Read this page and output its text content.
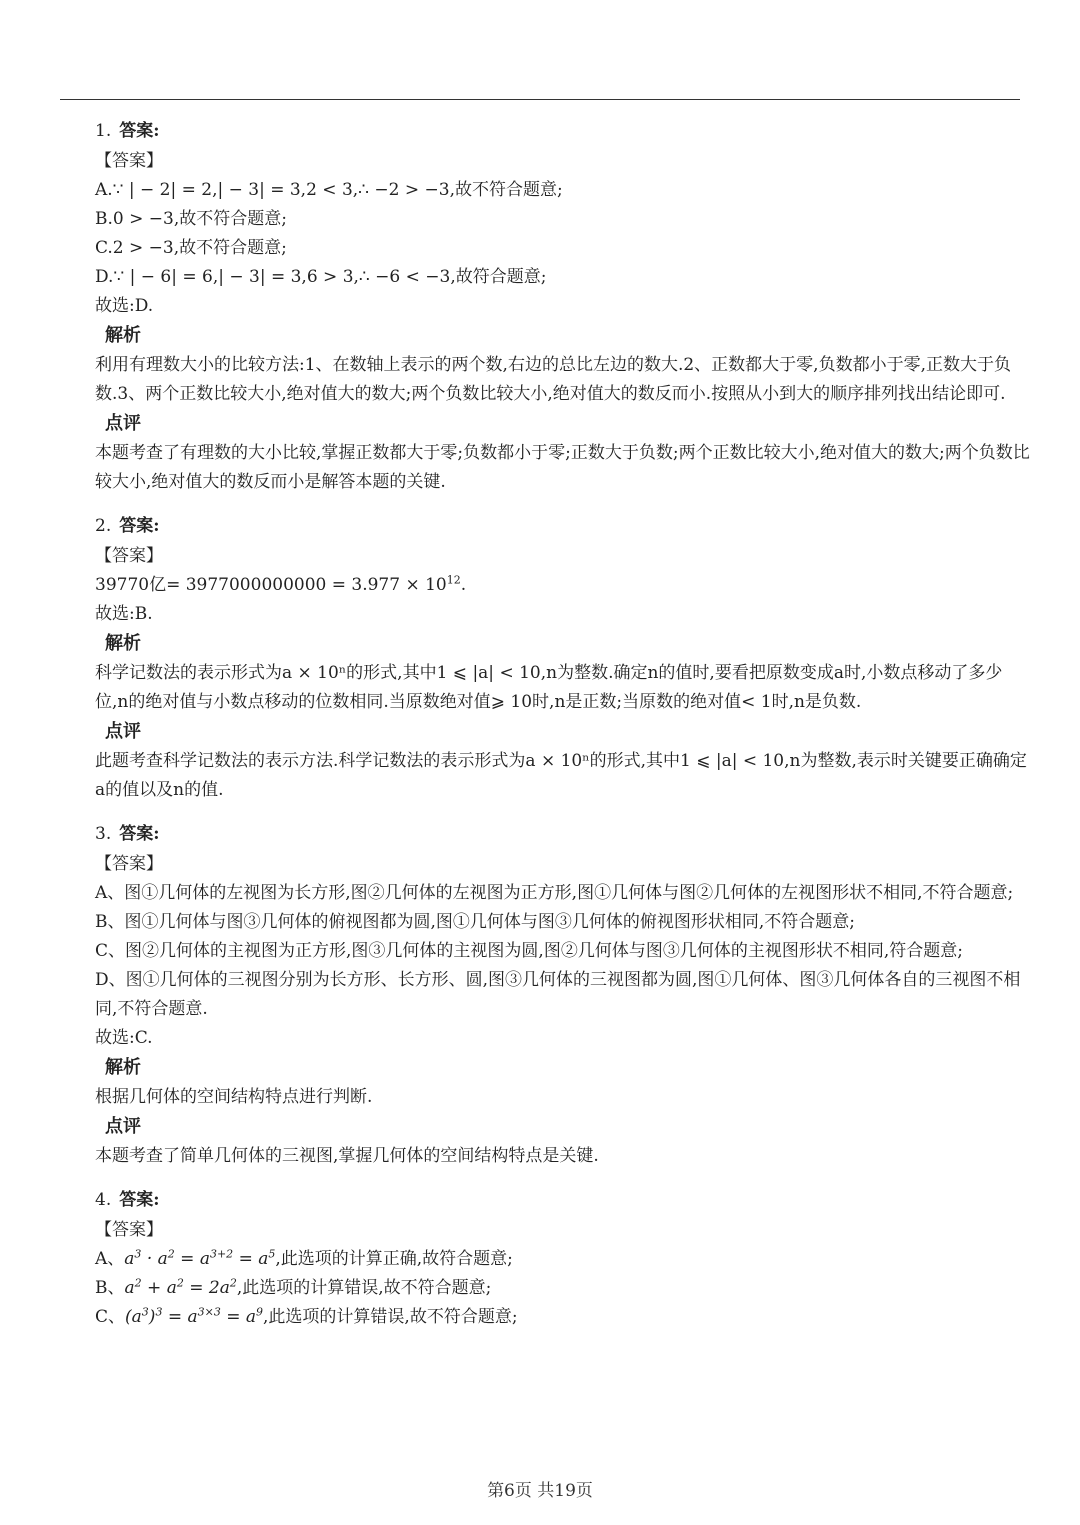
1. 答案:
【答案】
A.∵ | − 2| = 2,| − 3| = 3,2 < 3,∴ −2 > −3,故不符合题意;
B.0 > −3,故不符合题意;
C.2 > −3,故不符合题意;
D.∵ | − 6| = 6,| − 3| = 3,6 > 3,∴ −6 < −3,故符合题意;
故选:D.
解析
利用有理数大小的比较方法:1、在数轴上表示的两个数,右边的总比左边的数大.2、正数都大于零,负数都小于零,正数大于负数.3、两个正数比较大小,绝对值大的数大;两个负数比较大小,绝对值大的数反而小.按照从小到大的顺序排列找出结论即可.
点评
本题考查了有理数的大小比较,掌握正数都大于零;负数都小于零;正数大于负数;两个正数比较大小,绝对值大的数大;两个负数比较大小,绝对值大的数反而小是解答本题的关键.
2. 答案:
【答案】
39770亿= $3977000000000 = 3.977 \times 10^{12}$.
故选:B.
解析
科学记数法的表示形式为a × 10ⁿ的形式,其中1 ⩽ |a| < 10,n为整数.确定n的值时,要看把原数变成a时,小数点移动了多少位,n的绝对值与小数点移动的位数相同.当原数绝对值⩾ 10时,n是正数;当原数的绝对值< 1时,n是负数.
点评
此题考查科学记数法的表示方法.科学记数法的表示形式为a × 10ⁿ的形式,其中1 ⩽ |a| < 10,n为整数,表示时关键要正确确定a的值以及n的值.
3. 答案:
【答案】
A、图①几何体的左视图为长方形,图②几何体的左视图为正方形,图①几何体与图②几何体的左视图形状不相同,不符合题意;
B、图①几何体与图③几何体的俯视图都为圆,图①几何体与图③几何体的俯视图形状相同,不符合题意;
C、图②几何体的主视图为正方形,图③几何体的主视图为圆,图②几何体与图③几何体的主视图形状不相同,符合题意;
D、图①几何体的三视图分别为长方形、长方形、圆,图③几何体的三视图都为圆,图①几何体、图③几何体各自的三视图不相同,不符合题意.
故选:C.
解析
根据几何体的空间结构特点进行判断.
点评
本题考查了简单几何体的三视图,掌握几何体的空间结构特点是关键.
4. 答案:
【答案】
A、$a^3 \cdot a^2 = a^{3+2} = a^5$,此选项的计算正确,故符合题意;
B、$a^2 + a^2 = 2a^2$,此选项的计算错误,故不符合题意;
C、$(a^3)^3 = a^{3\times 3} = a^9$,此选项的计算错误,故不符合题意;
第6页 共19页
